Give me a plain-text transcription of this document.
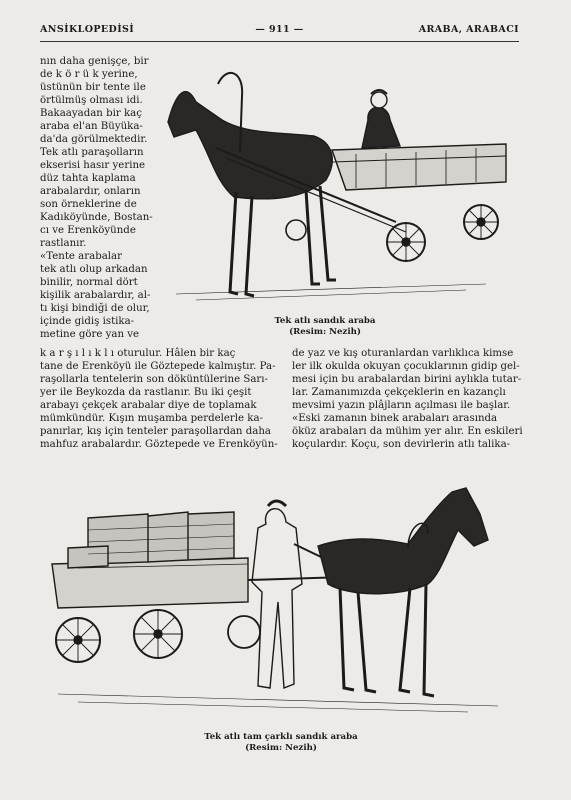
ANSİKLOPEDİSİ	— 911 —	ARABA, ARABACI
nın daha genişçe, bir
de k ö r ü k yerine,
üstünün bir tente ile
örtülmüş olması idi.
Bakaayadan bir kaç
araba el'an Büyüka-
da'da görülmektedir.
Tek atlı paraşolların
ekserisi hasır yerine
düz tahta kaplama
arabalardır, onların
son örneklerine de
Kadıköyünde, Bostan-
cı ve Erenköyünde
rastlanır.
«Tente arabalar
tek atlı olup arkadan
binilir, normal dört
kişilik arabalardır, al-
tı kişi bindiği de olur,
içinde gidiş istika-
metine göre yan ve
k a r ş ı l ı k l ı oturulur. Hâlen bir kaç
tane de Erenköyü ile Göztepede kalmıştır. Pa-
raşollarla tentelerin son döküntülerine Sarı-
yer ile Beykozda da rastlanır. Bu iki çeşit
arabayı çekçek arabalar diye de toplamak
mümkündür. Kışın muşamba perdelerle ka-
panırlar, kış için tenteler paraşollardan daha
mahfuz arabalardır. Göztepede ve Erenköyün-
de yaz ve kış oturanlardan varlıklıca kimse
ler ilk okulda okuyan çocuklarının gidip gel-
mesi için bu arabalardan birini aylıkla tutar-
lar. Zamanımızda çekçeklerin en kazançlı
mevsimi yazın plâjların açılması ile başlar.
«Eski zamanın binek arabaları arasında
öküz arabaları da mühim yer alır. En eskileri
koçulardır. Koçu, son devirlerin atlı talika-
Tek atlı sandık araba
(Resim: Nezih)
Tek atlı tam çarklı sandık araba
(Resim: Nezih)
